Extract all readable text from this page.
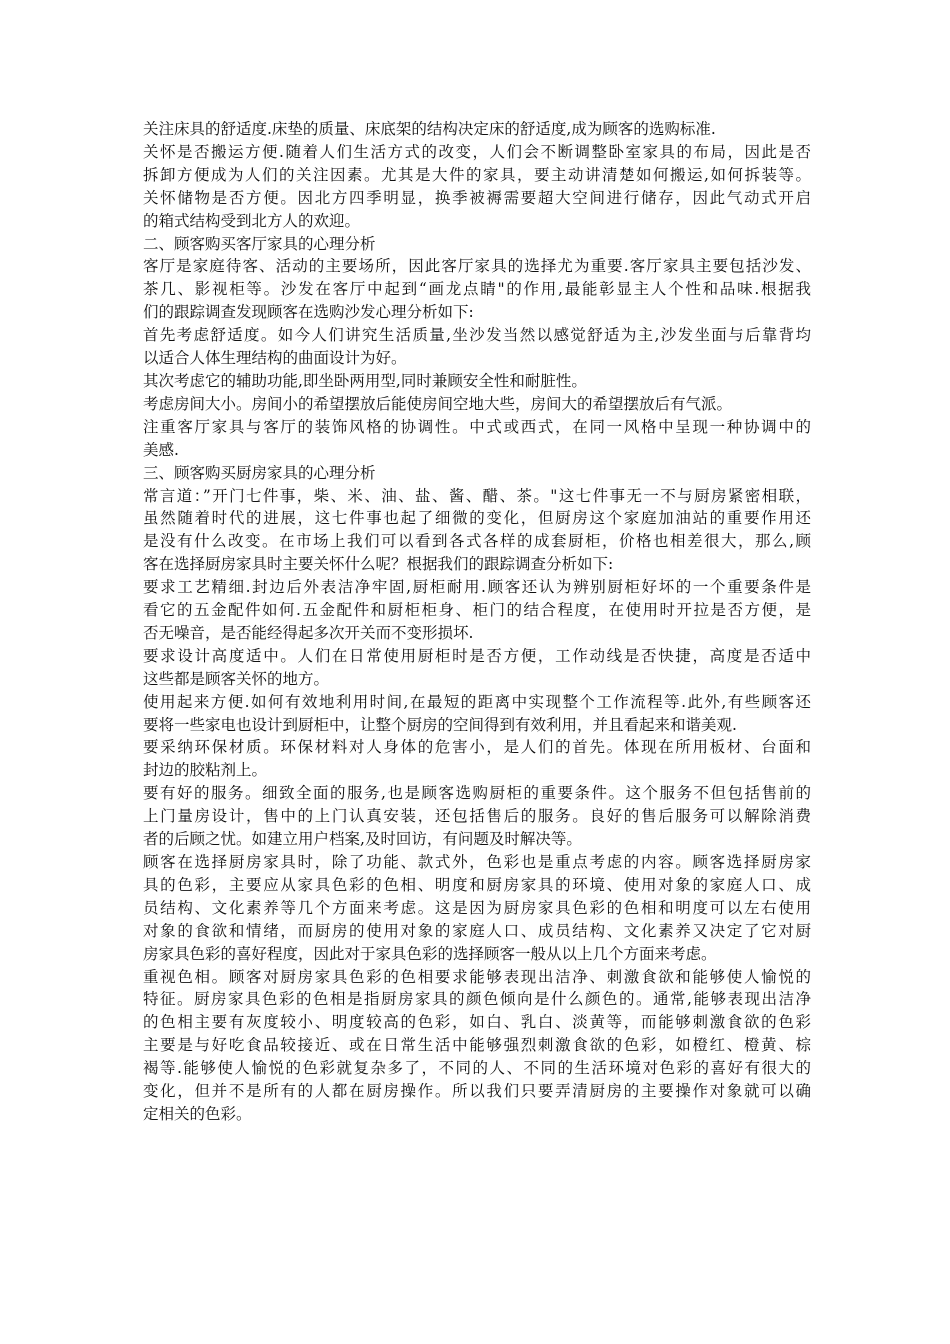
关注床具的舒适度.床垫的质量、床底架的结构决定床的舒适度,成为顾客的选购标准.
关怀是否搬运方便.随着人们生活方式的改变，人们会不断调整卧室家具的布局，因此是否
拆卸方便成为人们的关注因素。尤其是大件的家具，要主动讲清楚如何搬运,如何拆装等。
关怀储物是否方便。因北方四季明显，换季被褥需要超大空间进行储存，因此气动式开启
的箱式结构受到北方人的欢迎。
二、顾客购买客厅家具的心理分析
客厅是家庭待客、活动的主要场所，因此客厅家具的选择尤为重要.客厅家具主要包括沙发、
茶几、影视柜等。沙发在客厅中起到“画龙点睛"的作用,最能彰显主人个性和品味.根据我
们的跟踪调查发现顾客在选购沙发心理分析如下:
首先考虑舒适度。如今人们讲究生活质量,坐沙发当然以感觉舒适为主,沙发坐面与后靠背均
以适合人体生理结构的曲面设计为好。
其次考虑它的辅助功能,即坐卧两用型,同时兼顾安全性和耐脏性。
考虑房间大小。房间小的希望摆放后能使房间空地大些，房间大的希望摆放后有气派。
注重客厅家具与客厅的装饰风格的协调性。中式或西式，在同一风格中呈现一种协调中的
美感.
三、顾客购买厨房家具的心理分析
常言道：”开门七件事，柴、米、油、盐、酱、醋、茶。"这七件事无一不与厨房紧密相联，
虽然随着时代的进展，这七件事也起了细微的变化，但厨房这个家庭加油站的重要作用还
是没有什么改变。在市场上我们可以看到各式各样的成套厨柜，价格也相差很大，那么,顾
客在选择厨房家具时主要关怀什么呢？根据我们的跟踪调查分析如下:
要求工艺精细.封边后外表洁净牢固,厨柜耐用.顾客还认为辨别厨柜好坏的一个重要条件是
看它的五金配件如何.五金配件和厨柜柜身、柜门的结合程度，在使用时开拉是否方便，是
否无噪音，是否能经得起多次开关而不变形损坏.
要求设计高度适中。人们在日常使用厨柜时是否方便，工作动线是否快捷，高度是否适中
这些都是顾客关怀的地方。
使用起来方便.如何有效地利用时间,在最短的距离中实现整个工作流程等.此外,有些顾客还
要将一些家电也设计到厨柜中，让整个厨房的空间得到有效利用，并且看起来和谐美观.
要采纳环保材质。环保材料对人身体的危害小，是人们的首先。体现在所用板材、台面和
封边的胶粘剂上。
要有好的服务。细致全面的服务,也是顾客选购厨柜的重要条件。这个服务不但包括售前的
上门量房设计，售中的上门认真安装，还包括售后的服务。良好的售后服务可以解除消费
者的后顾之忧。如建立用户档案,及时回访，有问题及时解决等。
顾客在选择厨房家具时，除了功能、款式外，色彩也是重点考虑的内容。顾客选择厨房家
具的色彩，主要应从家具色彩的色相、明度和厨房家具的环境、使用对象的家庭人口、成
员结构、文化素养等几个方面来考虑。这是因为厨房家具色彩的色相和明度可以左右使用
对象的食欲和情绪，而厨房的使用对象的家庭人口、成员结构、文化素养又决定了它对厨
房家具色彩的喜好程度，因此对于家具色彩的选择顾客一般从以上几个方面来考虑。
重视色相。顾客对厨房家具色彩的色相要求能够表现出洁净、刺激食欲和能够使人愉悦的
特征。厨房家具色彩的色相是指厨房家具的颜色倾向是什么颜色的。通常,能够表现出洁净
的色相主要有灰度较小、明度较高的色彩，如白、乳白、淡黄等，而能够刺激食欲的色彩
主要是与好吃食品较接近、或在日常生活中能够强烈刺激食欲的色彩，如橙红、橙黄、棕
褐等.能够使人愉悦的色彩就复杂多了，不同的人、不同的生活环境对色彩的喜好有很大的
变化，但并不是所有的人都在厨房操作。所以我们只要弄清厨房的主要操作对象就可以确
定相关的色彩。
